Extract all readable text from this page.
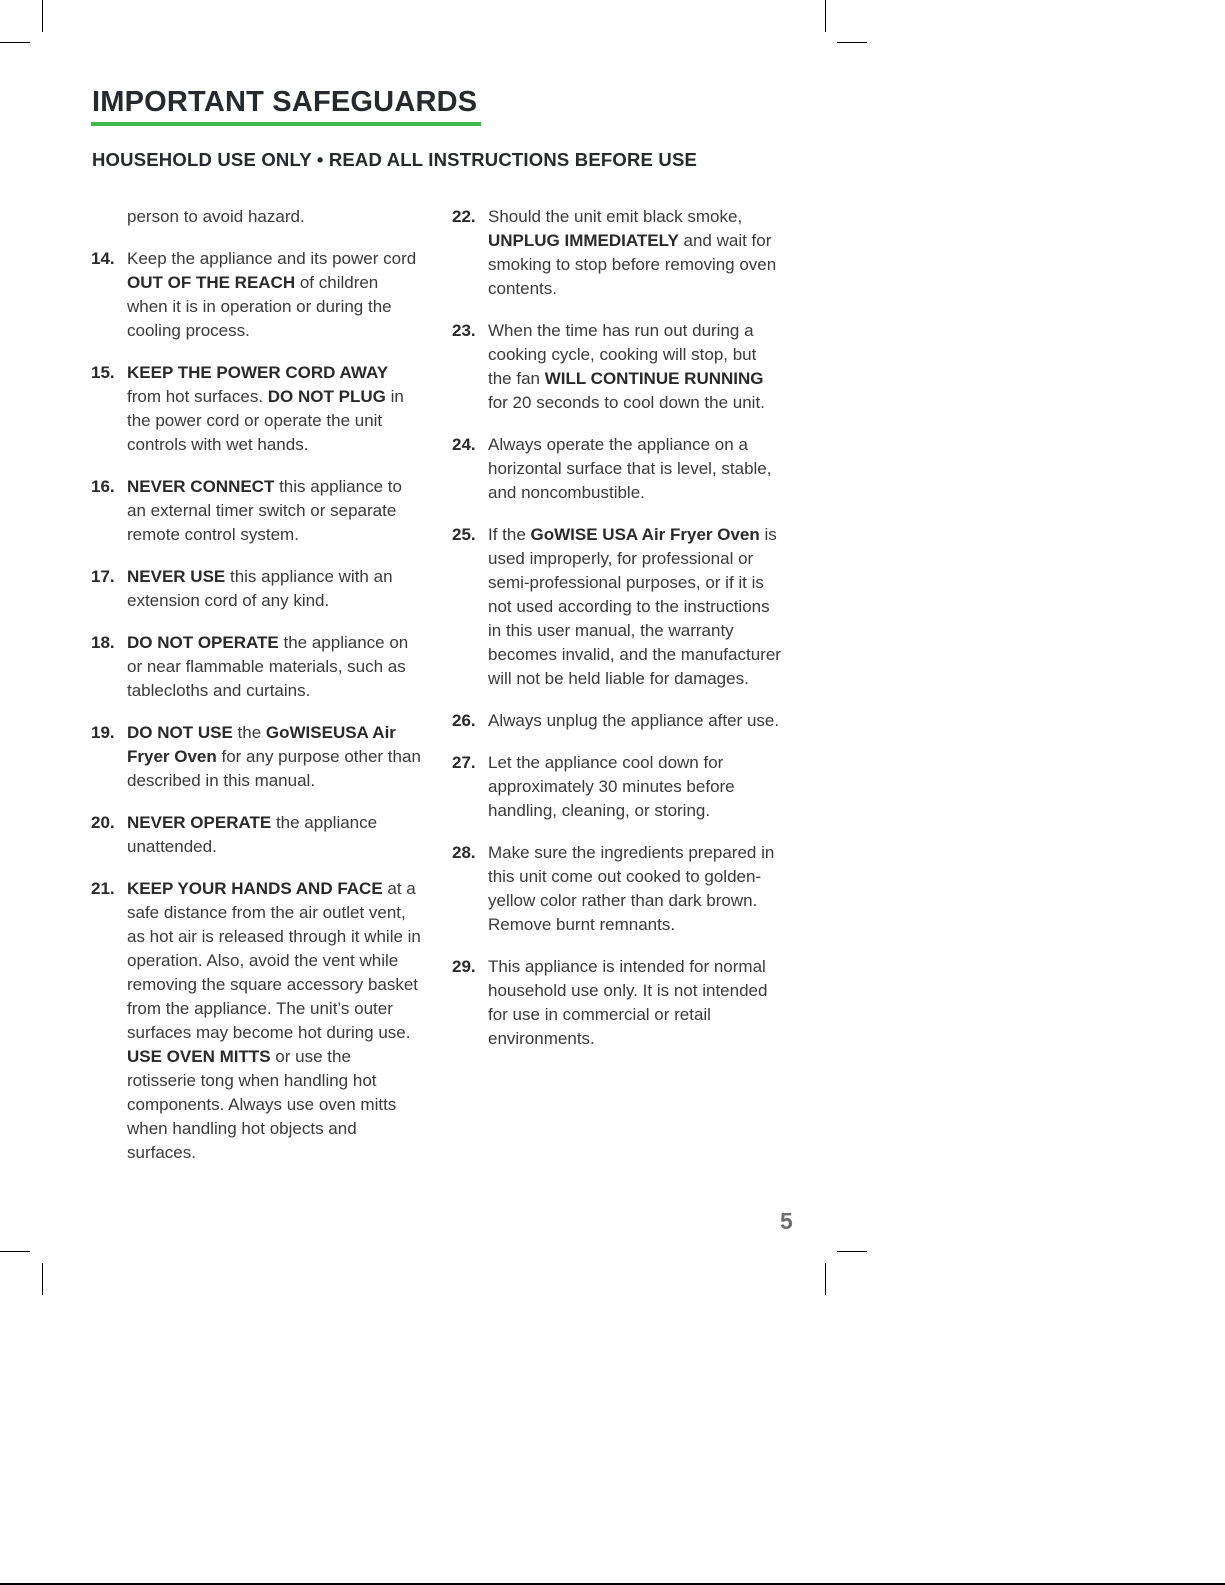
IMPORTANT SAFEGUARDS
HOUSEHOLD USE ONLY • READ ALL INSTRUCTIONS BEFORE USE
person to avoid hazard.
14. Keep the appliance and its power cord OUT OF THE REACH of children when it is in operation or during the cooling process.
15. KEEP THE POWER CORD AWAY from hot surfaces. DO NOT PLUG in the power cord or operate the unit controls with wet hands.
16. NEVER CONNECT this appliance to an external timer switch or separate remote control system.
17. NEVER USE this appliance with an extension cord of any kind.
18. DO NOT OPERATE the appliance on or near flammable materials, such as tablecloths and curtains.
19. DO NOT USE the GoWISEUSA Air Fryer Oven for any purpose other than described in this manual.
20. NEVER OPERATE the appliance unattended.
21. KEEP YOUR HANDS AND FACE at a safe distance from the air outlet vent, as hot air is released through it while in operation. Also, avoid the vent while removing the square accessory basket from the appliance. The unit’s outer surfaces may become hot during use. USE OVEN MITTS or use the rotisserie tong when handling hot components. Always use oven mitts when handling hot objects and surfaces.
22. Should the unit emit black smoke, UNPLUG IMMEDIATELY and wait for smoking to stop before removing oven contents.
23. When the time has run out during a cooking cycle, cooking will stop, but the fan WILL CONTINUE RUNNING for 20 seconds to cool down the unit.
24. Always operate the appliance on a horizontal surface that is level, stable, and noncombustible.
25. If the GoWISE USA Air Fryer Oven is used improperly, for professional or semi-professional purposes, or if it is not used according to the instructions in this user manual, the warranty becomes invalid, and the manufacturer will not be held liable for damages.
26. Always unplug the appliance after use.
27. Let the appliance cool down for approximately 30 minutes before handling, cleaning, or storing.
28. Make sure the ingredients prepared in this unit come out cooked to golden-yellow color rather than dark brown. Remove burnt remnants.
29. This appliance is intended for normal household use only. It is not intended for use in commercial or retail environments.
5
